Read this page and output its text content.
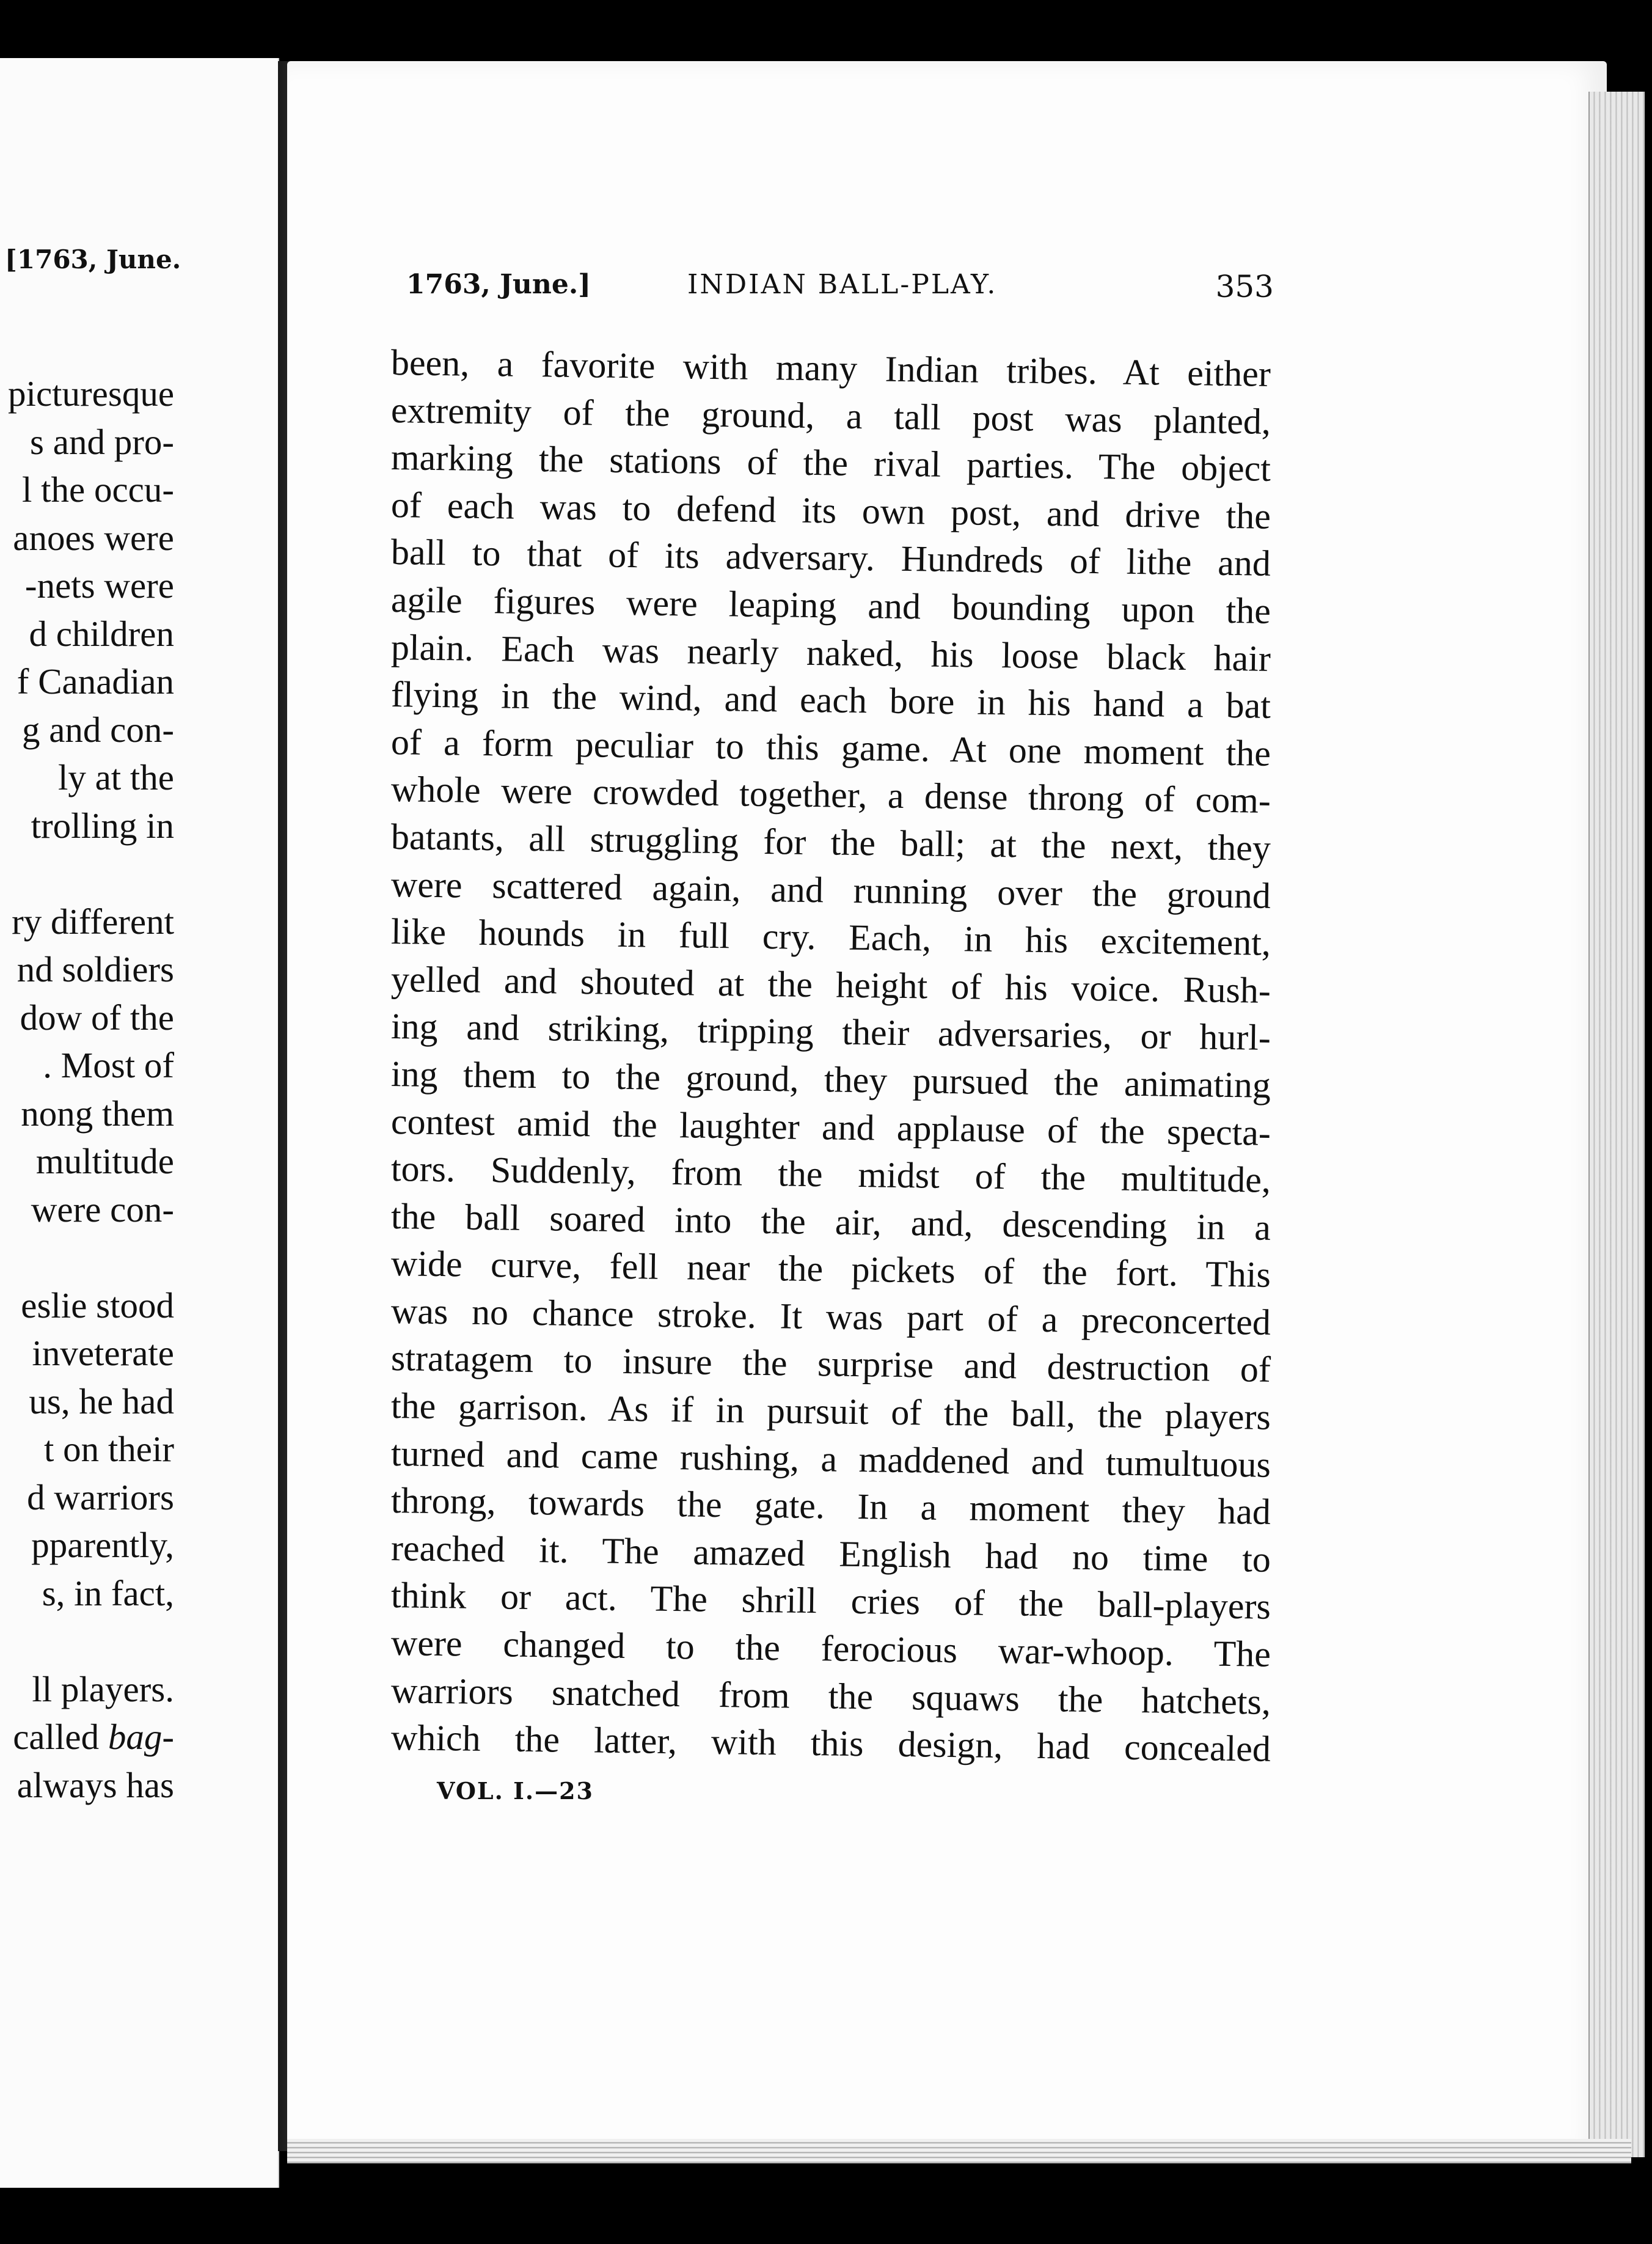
[1763, June.
picturesque
s and pro-
l the occu-
anoes were
-nets were
d children
f Canadian
g and con-
ly at the
trolling in
ry different
nd soldiers
dow of the
. Most of
nong them
multitude
were con-
eslie stood
inveterate
us, he had
t on their
d warriors
pparently,
s, in fact,
ll players.
called bag-
always has
1763, June.]	INDIAN BALL-PLAY.	353
been, a favorite with many Indian tribes. At either
extremity of the ground, a tall post was planted,
marking the stations of the rival parties. The object
of each was to defend its own post, and drive the
ball to that of its adversary. Hundreds of lithe and
agile figures were leaping and bounding upon the
plain. Each was nearly naked, his loose black hair
flying in the wind, and each bore in his hand a bat
of a form peculiar to this game. At one moment the
whole were crowded together, a dense throng of com-
batants, all struggling for the ball; at the next, they
were scattered again, and running over the ground
like hounds in full cry. Each, in his excitement,
yelled and shouted at the height of his voice. Rush-
ing and striking, tripping their adversaries, or hurl-
ing them to the ground, they pursued the animating
contest amid the laughter and applause of the specta-
tors. Suddenly, from the midst of the multitude,
the ball soared into the air, and, descending in a
wide curve, fell near the pickets of the fort. This
was no chance stroke. It was part of a preconcerted
stratagem to insure the surprise and destruction of
the garrison. As if in pursuit of the ball, the players
turned and came rushing, a maddened and tumultuous
throng, towards the gate. In a moment they had
reached it. The amazed English had no time to
think or act. The shrill cries of the ball-players
were changed to the ferocious war-whoop. The
warriors snatched from the squaws the hatchets,
which the latter, with this design, had concealed
VOL. I.—23
